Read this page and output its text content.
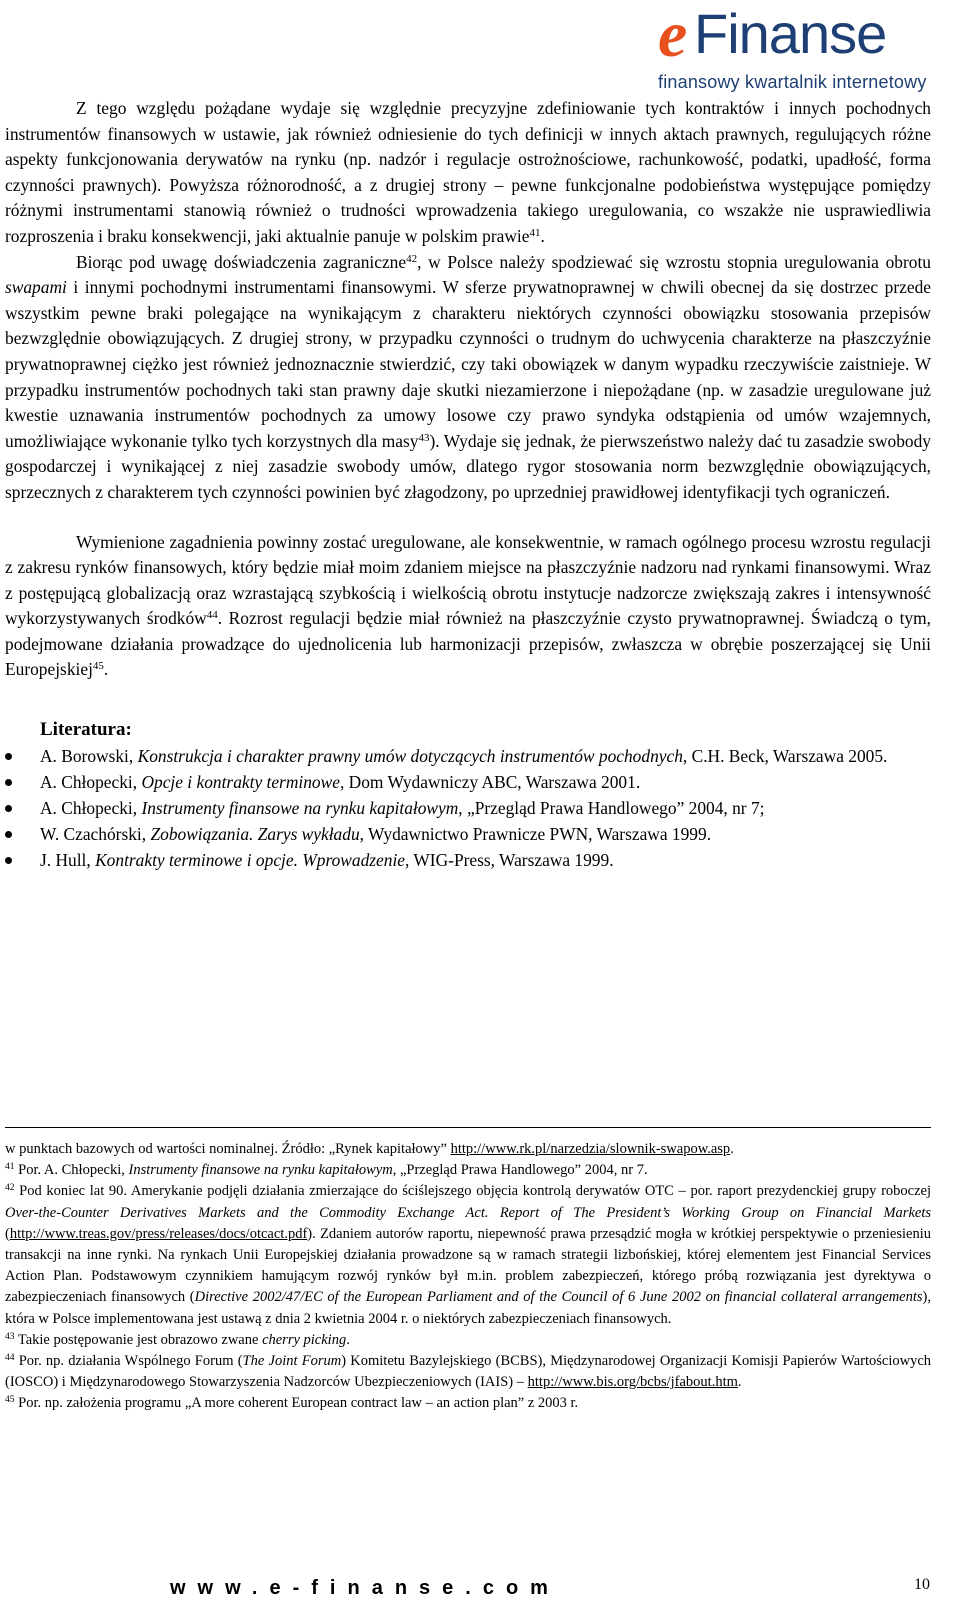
e Finanse
finansowy kwartalnik internetowy

Z tego względu pożądane wydaje się względnie precyzyjne zdefiniowanie tych kontraktów i innych pochodnych instrumentów finansowych w ustawie, jak również odniesienie do tych definicji w innych aktach prawnych, regulujących różne aspekty funkcjonowania derywatów na rynku (np. nadzór i regulacje ostrożnościowe, rachunkowość, podatki, upadłość, forma czynności prawnych). Powyższa różnorodność, a z drugiej strony – pewne funkcjonalne podobieństwa występujące pomiędzy różnymi instrumentami stanowią również o trudności wprowadzenia takiego uregulowania, co wszakże nie usprawiedliwia rozproszenia i braku konsekwencji, jaki aktualnie panuje w polskim prawie$^{41}$.

Biorąc pod uwagę doświadczenia zagraniczne$^{42}$, w Polsce należy spodziewać się wzrostu stopnia uregulowania obrotu swapami i innymi pochodnymi instrumentami finansowymi. W sferze prywatnoprawnej w chwili obecnej da się dostrzec przede wszystkim pewne braki polegające na wynikającym z charakteru niektórych czynności obowiązku stosowania przepisów bezwzględnie obowiązujących. Z drugiej strony, w przypadku czynności o trudnym do uchwycenia charakterze na płaszczyźnie prywatnoprawnej ciężko jest również jednoznacznie stwierdzić, czy taki obowiązek w danym wypadku rzeczywiście zaistnieje. W przypadku instrumentów pochodnych taki stan prawny daje skutki niezamierzone i niepożądane (np. w zasadzie uregulowane już kwestie uznawania instrumentów pochodnych za umowy losowe czy prawo syndyka odstąpienia od umów wzajemnych, umożliwiające wykonanie tylko tych korzystnych dla masy$^{43}$). Wydaje się jednak, że pierwszeństwo należy dać tu zasadzie swobody gospodarczej i wynikającej z niej zasadzie swobody umów, dlatego rygor stosowania norm bezwzględnie obowiązujących, sprzecznych z charakterem tych czynności powinien być złagodzony, po uprzedniej prawidłowej identyfikacji tych ograniczeń.

Wymienione zagadnienia powinny zostać uregulowane, ale konsekwentnie, w ramach ogólnego procesu wzrostu regulacji z zakresu rynków finansowych, który będzie miał moim zdaniem miejsce na płaszczyźnie nadzoru nad rynkami finansowymi. Wraz z postępującą globalizacją oraz wzrastającą szybkością i wielkością obrotu instytucje nadzorcze zwiększają zakres i intensywność wykorzystywanych środków$^{44}$. Rozrost regulacji będzie miał również na płaszczyźnie czysto prywatnoprawnej. Świadczą o tym, podejmowane działania prowadzące do ujednolicenia lub harmonizacji przepisów, zwłaszcza w obrębie poszerzającej się Unii Europejskiej$^{45}$.

Literatura:
A. Borowski, Konstrukcja i charakter prawny umów dotyczących instrumentów pochodnych, C.H. Beck, Warszawa 2005.
A. Chłopecki, Opcje i kontrakty terminowe, Dom Wydawniczy ABC, Warszawa 2001.
A. Chłopecki, Instrumenty finansowe na rynku kapitałowym, „Przegląd Prawa Handlowego” 2004, nr 7;
W. Czachórski, Zobowiązania. Zarys wykładu, Wydawnictwo Prawnicze PWN, Warszawa 1999.
J. Hull, Kontrakty terminowe i opcje. Wprowadzenie, WIG-Press, Warszawa 1999.

w punktach bazowych od wartości nominalnej. Źródło: „Rynek kapitałowy” http://www.rk.pl/narzedzia/slownik-swapow.asp.

$^{41}$ Por. A. Chłopecki, Instrumenty finansowe na rynku kapitałowym, „Przegląd Prawa Handlowego” 2004, nr 7.

$^{42}$ Pod koniec lat 90. Amerykanie podjęli działania zmierzające do ściślejszego objęcia kontrolą derywatów OTC – por. raport prezydenckiej grupy roboczej Over-the-Counter Derivatives Markets and the Commodity Exchange Act. Report of The President’s Working Group on Financial Markets (http://www.treas.gov/press/releases/docs/otcact.pdf). Zdaniem autorów raportu, niepewność prawa przesądzić mogła w krótkiej perspektywie o przeniesieniu transakcji na inne rynki. Na rynkach Unii Europejskiej działania prowadzone są w ramach strategii lizbońskiej, której elementem jest Financial Services Action Plan. Podstawowym czynnikiem hamującym rozwój rynków był m.in. problem zabezpieczeń, którego próbą rozwiązania jest dyrektywa o zabezpieczeniach finansowych (Directive 2002/47/EC of the European Parliament and of the Council of 6 June 2002 on financial collateral arrangements), która w Polsce implementowana jest ustawą z dnia 2 kwietnia 2004 r. o niektórych zabezpieczeniach finansowych.

$^{43}$ Takie postępowanie jest obrazowo zwane cherry picking.

$^{44}$ Por. np. działania Wspólnego Forum (The Joint Forum) Komitetu Bazylejskiego (BCBS), Międzynarodowej Organizacji Komisji Papierów Wartościowych (IOSCO) i Międzynarodowego Stowarzyszenia Nadzorców Ubezpieczeniowych (IAIS) – http://www.bis.org/bcbs/jfabout.htm.

$^{45}$ Por. np. założenia programu „A more coherent European contract law – an action plan” z 2003 r.

www.e-finanse.com	10
